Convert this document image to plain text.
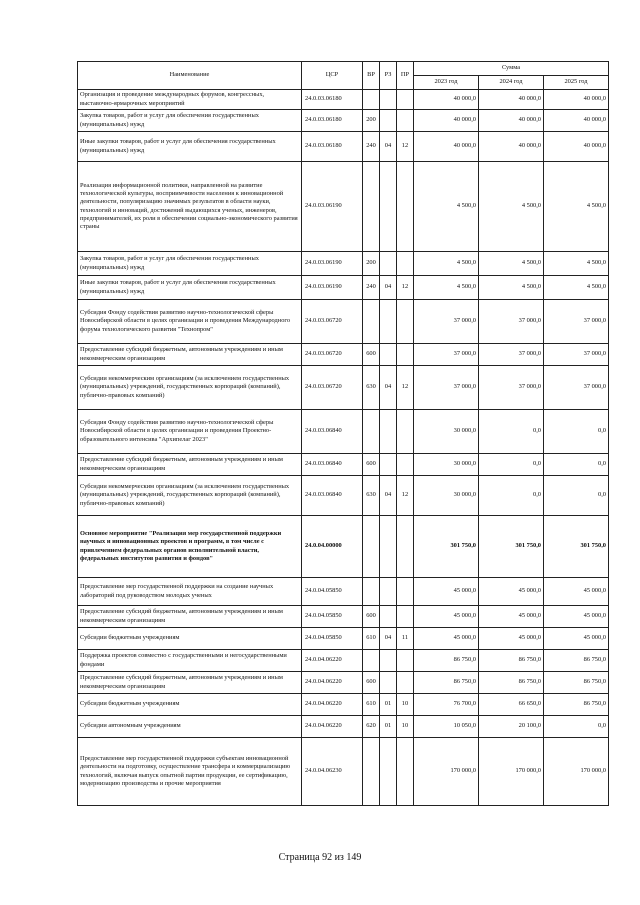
Наименование	ЦСР	ВР	РЗ	ПР	Сумма		
					2023 год	2024 год	2025 год
Организация и проведение международных форумов, конгрессных, выставочно-ярмарочных мероприятий	24.0.03.06180				40 000,0	40 000,0	40 000,0
Закупка товаров, работ и услуг для обеспечения государственных (муниципальных) нужд	24.0.03.06180	200			40 000,0	40 000,0	40 000,0
Иные закупки товаров, работ и услуг для обеспечения государственных (муниципальных) нужд	24.0.03.06180	240	04	12	40 000,0	40 000,0	40 000,0
Реализация информационной политики, направленной на развитие технологической культуры, восприимчивости населения к инновационной деятельности, популяризацию значимых результатов в области науки, технологий и инноваций, достижений выдающихся ученых, инженеров, предпринимателей, их роли в обеспечении социально-экономического развития страны	24.0.03.06190				4 500,0	4 500,0	4 500,0
Закупка товаров, работ и услуг для обеспечения государственных (муниципальных) нужд	24.0.03.06190	200			4 500,0	4 500,0	4 500,0
Иные закупки товаров, работ и услуг для обеспечения государственных (муниципальных) нужд	24.0.03.06190	240	04	12	4 500,0	4 500,0	4 500,0
Субсидия Фонду содействия развитию научно-технологической сферы Новосибирской области в целях организации и проведения Международного форума технологического развития "Технопром"	24.0.03.06720				37 000,0	37 000,0	37 000,0
Предоставление субсидий бюджетным, автономным учреждениям и иным некоммерческим организациям	24.0.03.06720	600			37 000,0	37 000,0	37 000,0
Субсидии некоммерческим организациям (за исключением государственных (муниципальных) учреждений, государственных корпораций (компаний), публично-правовых компаний)	24.0.03.06720	630	04	12	37 000,0	37 000,0	37 000,0
Субсидия Фонду содействия развитию научно-технологической сферы Новосибирской области в целях организации и проведения Проектно-образовательного интенсива "Архипелаг 2023"	24.0.03.06840				30 000,0	0,0	0,0
Предоставление субсидий бюджетным, автономным учреждениям и иным некоммерческим организациям	24.0.03.06840	600			30 000,0	0,0	0,0
Субсидии некоммерческим организациям (за исключением государственных (муниципальных) учреждений, государственных корпораций (компаний), публично-правовых компаний)	24.0.03.06840	630	04	12	30 000,0	0,0	0,0
Основное мероприятие "Реализация мер государственной поддержки научных и инновационных проектов и программ, в том числе с привлечением федеральных органов исполнительной власти, федеральных институтов развития и фондов"	24.0.04.00000				301 750,0	301 750,0	301 750,0
Предоставление мер государственной поддержки на создание научных лабораторий под руководством молодых ученых	24.0.04.05850				45 000,0	45 000,0	45 000,0
Предоставление субсидий бюджетным, автономным учреждениям и иным некоммерческим организациям	24.0.04.05850	600			45 000,0	45 000,0	45 000,0
Субсидии бюджетным учреждениям	24.0.04.05850	610	04	11	45 000,0	45 000,0	45 000,0
Поддержка проектов совместно с государственными и негосударственными фондами	24.0.04.06220				86 750,0	86 750,0	86 750,0
Предоставление субсидий бюджетным, автономным учреждениям и иным некоммерческим организациям	24.0.04.06220	600			86 750,0	86 750,0	86 750,0
Субсидии бюджетным учреждениям	24.0.04.06220	610	01	10	76 700,0	66 650,0	86 750,0
Субсидии автономным учреждениям	24.0.04.06220	620	01	10	10 050,0	20 100,0	0,0
Предоставление мер государственной поддержки субъектам инновационной деятельности на подготовку, осуществление трансфера и коммерциализацию технологий, включая выпуск опытной партии продукции, ее сертификацию, модернизацию производства и прочие мероприятия	24.0.04.06230				170 000,0	170 000,0	170 000,0
Страница 92 из 149
